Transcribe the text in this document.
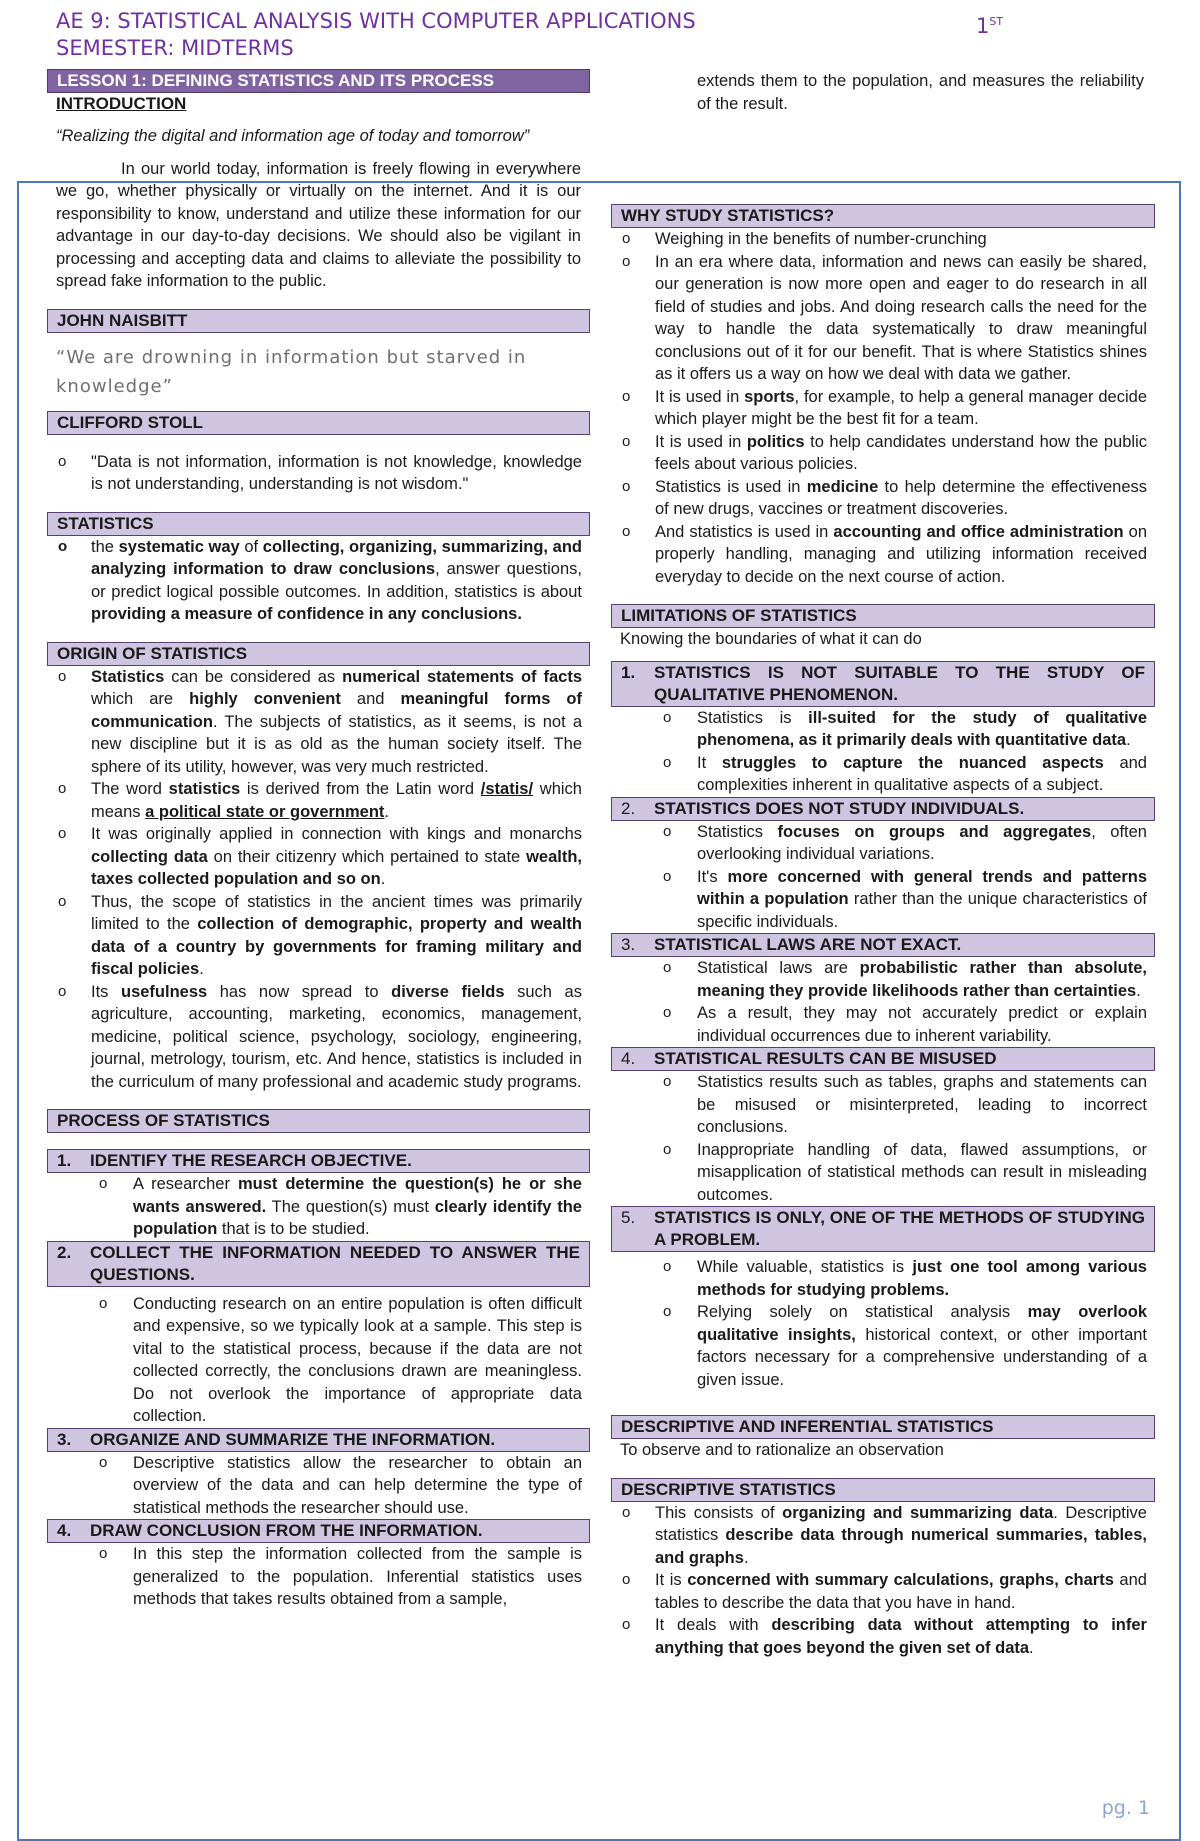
AE 9: STATISTICAL ANALYSIS WITH COMPUTER APPLICATIONS	1ST
SEMESTER: MIDTERMS
LESSON 1: DEFINING STATISTICS AND ITS PROCESS
INTRODUCTION

“Realizing the digital and information age of today and tomorrow”

In our world today, information is freely flowing in everywhere we go, whether physically or virtually on the internet. And it is our responsibility to know, understand and utilize these information for our advantage in our day-to-day decisions. We should also be vigilant in processing and accepting data and claims to alleviate the possibility to spread fake information to the public.

JOHN NAISBITT
“We are drowning in information but starved in knowledge”
CLIFFORD STOLL
o "Data is not information, information is not knowledge, knowledge is not understanding, understanding is not wisdom."
STATISTICS
o the systematic way of collecting, organizing, summarizing, and analyzing information to draw conclusions, answer questions, or predict logical possible outcomes. In addition, statistics is about providing a measure of confidence in any conclusions.
ORIGIN OF STATISTICS
o Statistics can be considered as numerical statements of facts which are highly convenient and meaningful forms of communication. The subjects of statistics, as it seems, is not a new discipline but it is as old as the human society itself. The sphere of its utility, however, was very much restricted.
o The word statistics is derived from the Latin word /statis/ which means a political state or government.
o It was originally applied in connection with kings and monarchs collecting data on their citizenry which pertained to state wealth, taxes collected population and so on.
o Thus, the scope of statistics in the ancient times was primarily limited to the collection of demographic, property and wealth data of a country by governments for framing military and fiscal policies.
o Its usefulness has now spread to diverse fields such as agriculture, accounting, marketing, economics, management, medicine, political science, psychology, sociology, engineering, journal, metrology, tourism, etc. And hence, statistics is included in the curriculum of many professional and academic study programs.
PROCESS OF STATISTICS
1. IDENTIFY THE RESEARCH OBJECTIVE.
o A researcher must determine the question(s) he or she wants answered. The question(s) must clearly identify the population that is to be studied.
2. COLLECT THE INFORMATION NEEDED TO ANSWER THE QUESTIONS.
o Conducting research on an entire population is often difficult and expensive, so we typically look at a sample. This step is vital to the statistical process, because if the data are not collected correctly, the conclusions drawn are meaningless. Do not overlook the importance of appropriate data collection.
3. ORGANIZE AND SUMMARIZE THE INFORMATION.
o Descriptive statistics allow the researcher to obtain an overview of the data and can help determine the type of statistical methods the researcher should use.
4. DRAW CONCLUSION FROM THE INFORMATION.
o In this step the information collected from the sample is generalized to the population. Inferential statistics uses methods that takes results obtained from a sample,

extends them to the population, and measures the reliability of the result.

WHY STUDY STATISTICS?
o Weighing in the benefits of number-crunching
o In an era where data, information and news can easily be shared, our generation is now more open and eager to do research in all field of studies and jobs. And doing research calls the need for the way to handle the data systematically to draw meaningful conclusions out of it for our benefit. That is where Statistics shines as it offers us a way on how we deal with data we gather.
o It is used in sports, for example, to help a general manager decide which player might be the best fit for a team.
o It is used in politics to help candidates understand how the public feels about various policies.
o Statistics is used in medicine to help determine the effectiveness of new drugs, vaccines or treatment discoveries.
o And statistics is used in accounting and office administration on properly handling, managing and utilizing information received everyday to decide on the next course of action.
LIMITATIONS OF STATISTICS

Knowing the boundaries of what it can do

1. STATISTICS IS NOT SUITABLE TO THE STUDY OF QUALITATIVE PHENOMENON.
o Statistics is ill-suited for the study of qualitative phenomena, as it primarily deals with quantitative data.
o It struggles to capture the nuanced aspects and complexities inherent in qualitative aspects of a subject.
2. STATISTICS DOES NOT STUDY INDIVIDUALS.
o Statistics focuses on groups and aggregates, often overlooking individual variations.
o It's more concerned with general trends and patterns within a population rather than the unique characteristics of specific individuals.
3. STATISTICAL LAWS ARE NOT EXACT.
o Statistical laws are probabilistic rather than absolute, meaning they provide likelihoods rather than certainties.
o As a result, they may not accurately predict or explain individual occurrences due to inherent variability.
4. STATISTICAL RESULTS CAN BE MISUSED
o Statistics results such as tables, graphs and statements can be misused or misinterpreted, leading to incorrect conclusions.
o Inappropriate handling of data, flawed assumptions, or misapplication of statistical methods can result in misleading outcomes.
5. STATISTICS IS ONLY, ONE OF THE METHODS OF STUDYING A PROBLEM.
o While valuable, statistics is just one tool among various methods for studying problems.
o Relying solely on statistical analysis may overlook qualitative insights, historical context, or other important factors necessary for a comprehensive understanding of a given issue.
DESCRIPTIVE AND INFERENTIAL STATISTICS

To observe and to rationalize an observation

DESCRIPTIVE STATISTICS
o This consists of organizing and summarizing data. Descriptive statistics describe data through numerical summaries, tables, and graphs.
o It is concerned with summary calculations, graphs, charts and tables to describe the data that you have in hand.
o It deals with describing data without attempting to infer anything that goes beyond the given set of data.
pg. 1
